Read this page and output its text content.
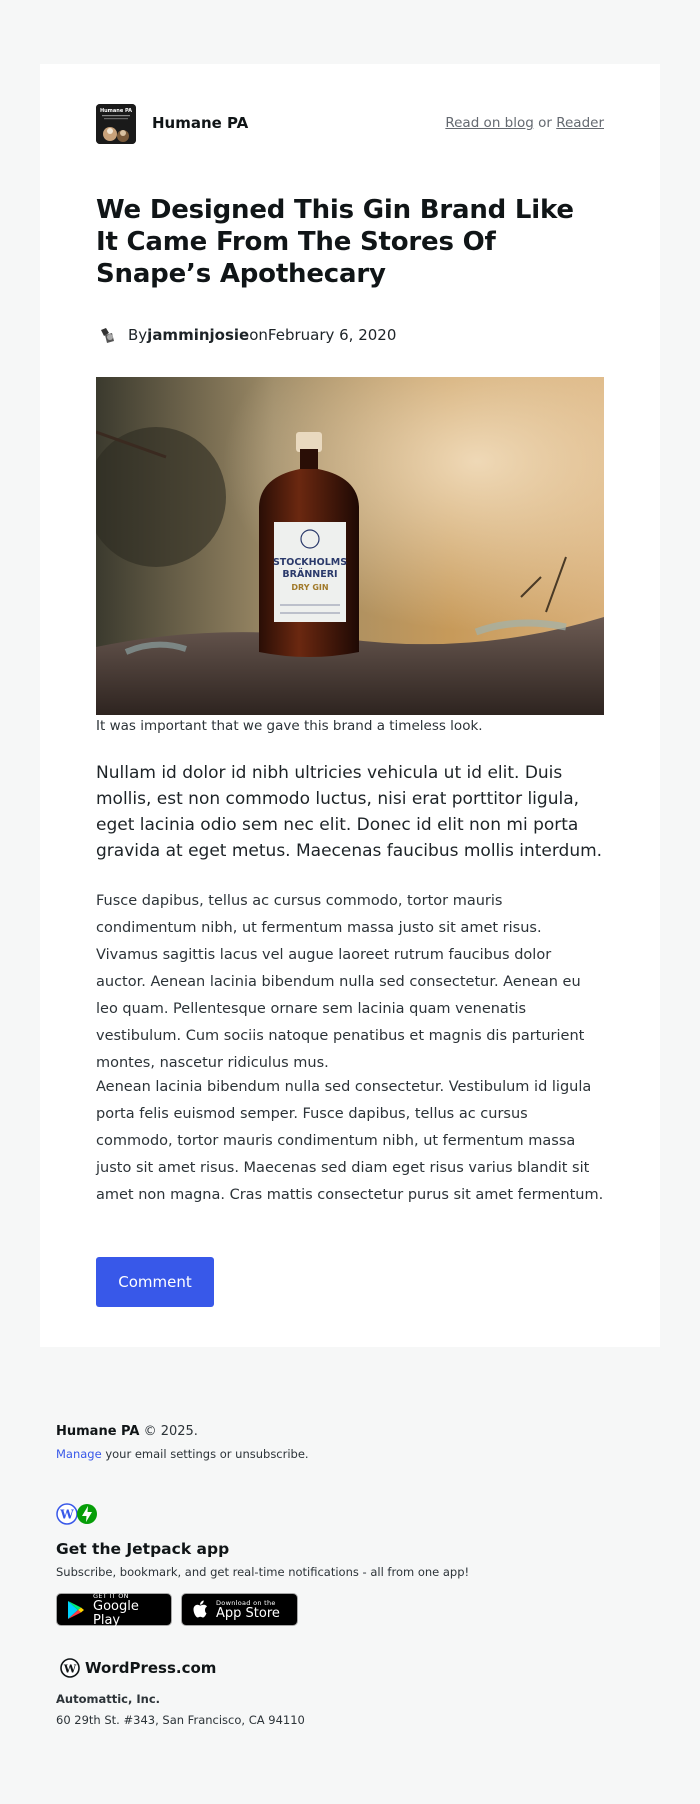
Humane PA
Humane PA	Read on blog or Reader
We Designed This Gin Brand Like It Came From The Stores Of Snape’s Apothecary
By jamminjosie on February 6, 2020
STOCKHOLMS
BRÄNNERI
DRY GIN

It was important that we gave this brand a timeless look.

Nullam id dolor id nibh ultricies vehicula ut id elit. Duis mollis, est non commodo luctus, nisi erat porttitor ligula, eget lacinia odio sem nec elit. Donec id elit non mi porta gravida at eget metus. Maecenas faucibus mollis interdum.

Fusce dapibus, tellus ac cursus commodo, tortor mauris condimentum nibh, ut fermentum massa justo sit amet risus. Vivamus sagittis lacus vel augue laoreet rutrum faucibus dolor auctor. Aenean lacinia bibendum nulla sed consectetur. Aenean eu leo quam. Pellentesque ornare sem lacinia quam venenatis vestibulum. Cum sociis natoque penatibus et magnis dis parturient montes, nascetur ridiculus mus.

Aenean lacinia bibendum nulla sed consectetur. Vestibulum id ligula porta felis euismod semper. Fusce dapibus, tellus ac cursus commodo, tortor mauris condimentum nibh, ut fermentum massa justo sit amet risus. Maecenas sed diam eget risus varius blandit sit amet non magna. Cras mattis consectetur purus sit amet fermentum.

Comment
Humane PA © 2025.
Manage your email settings or unsubscribe.
W
Get the Jetpack app
Subscribe, bookmark, and get real-time notifications - all from one app!
GET IT ON
Google Play
Download on the
App Store
W WordPress.com
Automattic, Inc.
60 29th St. #343, San Francisco, CA 94110
